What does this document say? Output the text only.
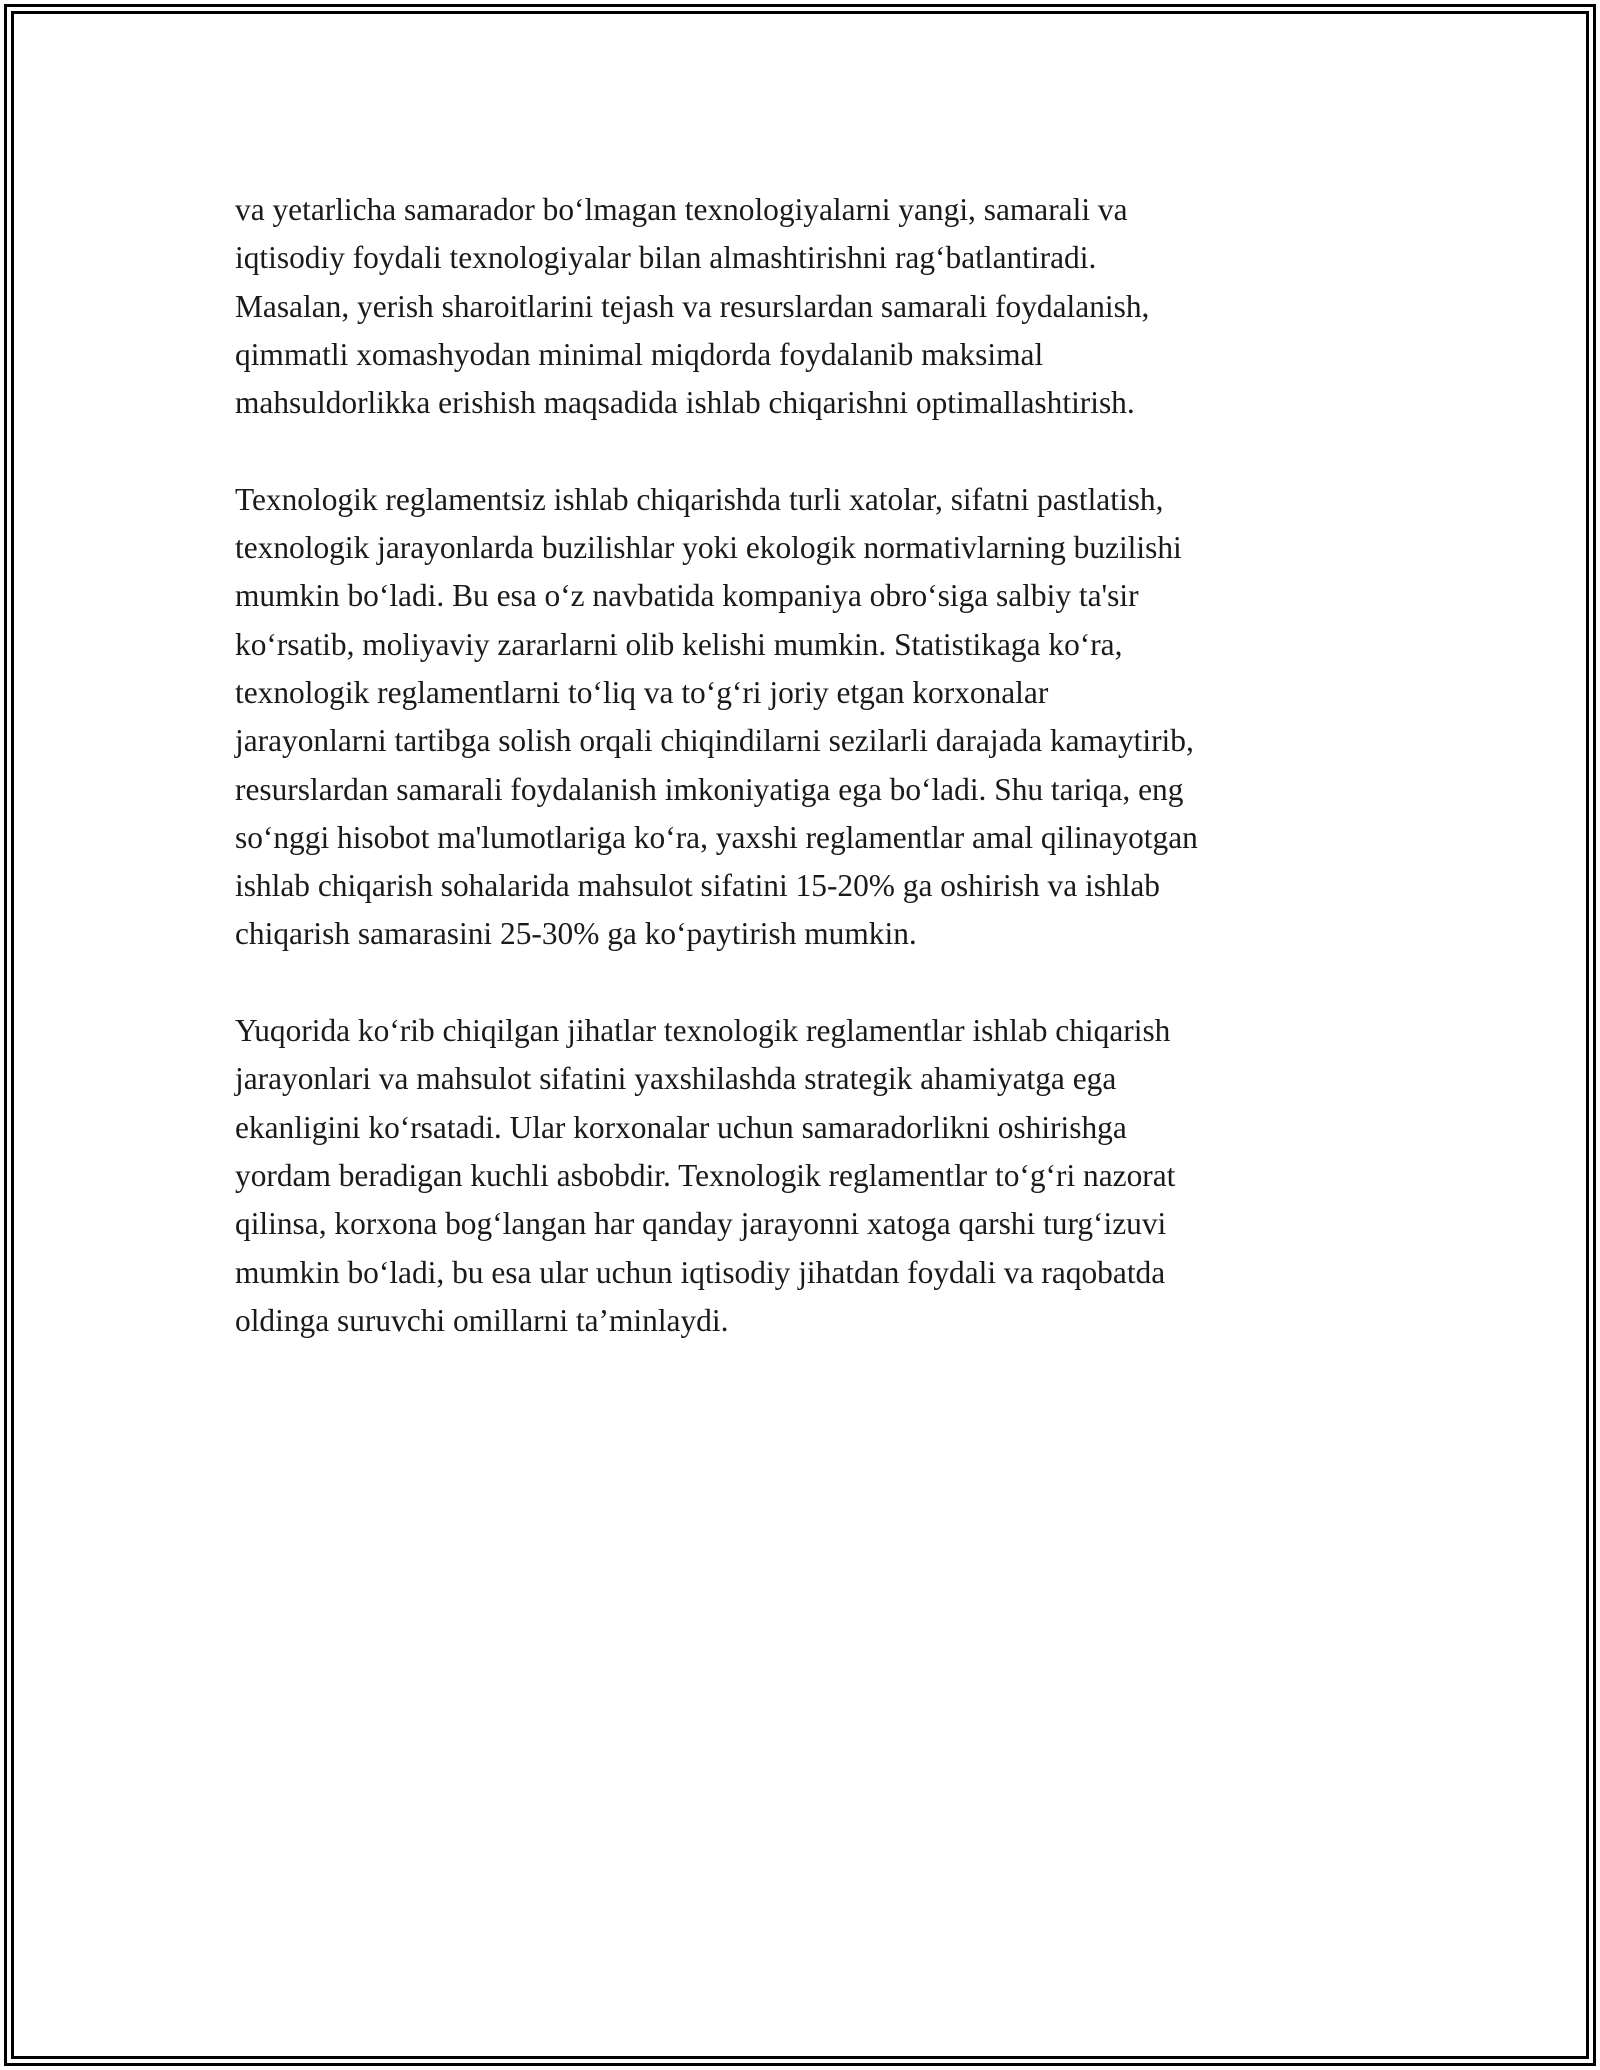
va yetarlicha samarador bo‘lmagan texnologiyalarni yangi, samarali va
iqtisodiy foydali texnologiyalar bilan almashtirishni rag‘batlantiradi.
Masalan, yerish sharoitlarini tejash va resurslardan samarali foydalanish,
qimmatli xomashyodan minimal miqdorda foydalanib maksimal
mahsuldorlikka erishish maqsadida ishlab chiqarishni optimallashtirish.
Texnologik reglamentsiz ishlab chiqarishda turli xatolar, sifatni pastlatish,
texnologik jarayonlarda buzilishlar yoki ekologik normativlarning buzilishi
mumkin bo‘ladi. Bu esa o‘z navbatida kompaniya obro‘siga salbiy ta'sir
ko‘rsatib, moliyaviy zararlarni olib kelishi mumkin. Statistikaga ko‘ra,
texnologik reglamentlarni to‘liq va to‘g‘ri joriy etgan korxonalar
jarayonlarni tartibga solish orqali chiqindilarni sezilarli darajada kamaytirib,
resurslardan samarali foydalanish imkoniyatiga ega bo‘ladi. Shu tariqa, eng
so‘nggi hisobot ma'lumotlariga ko‘ra, yaxshi reglamentlar amal qilinayotgan
ishlab chiqarish sohalarida mahsulot sifatini 15-20% ga oshirish va ishlab
chiqarish samarasini 25-30% ga ko‘paytirish mumkin.
Yuqorida ko‘rib chiqilgan jihatlar texnologik reglamentlar ishlab chiqarish
jarayonlari va mahsulot sifatini yaxshilashda strategik ahamiyatga ega
ekanligini ko‘rsatadi. Ular korxonalar uchun samaradorlikni oshirishga
yordam beradigan kuchli asbobdir. Texnologik reglamentlar to‘g‘ri nazorat
qilinsa, korxona bog‘langan har qanday jarayonni xatoga qarshi turg‘izuvi
mumkin bo‘ladi, bu esa ular uchun iqtisodiy jihatdan foydali va raqobatda
oldinga suruvchi omillarni ta’minlaydi.
